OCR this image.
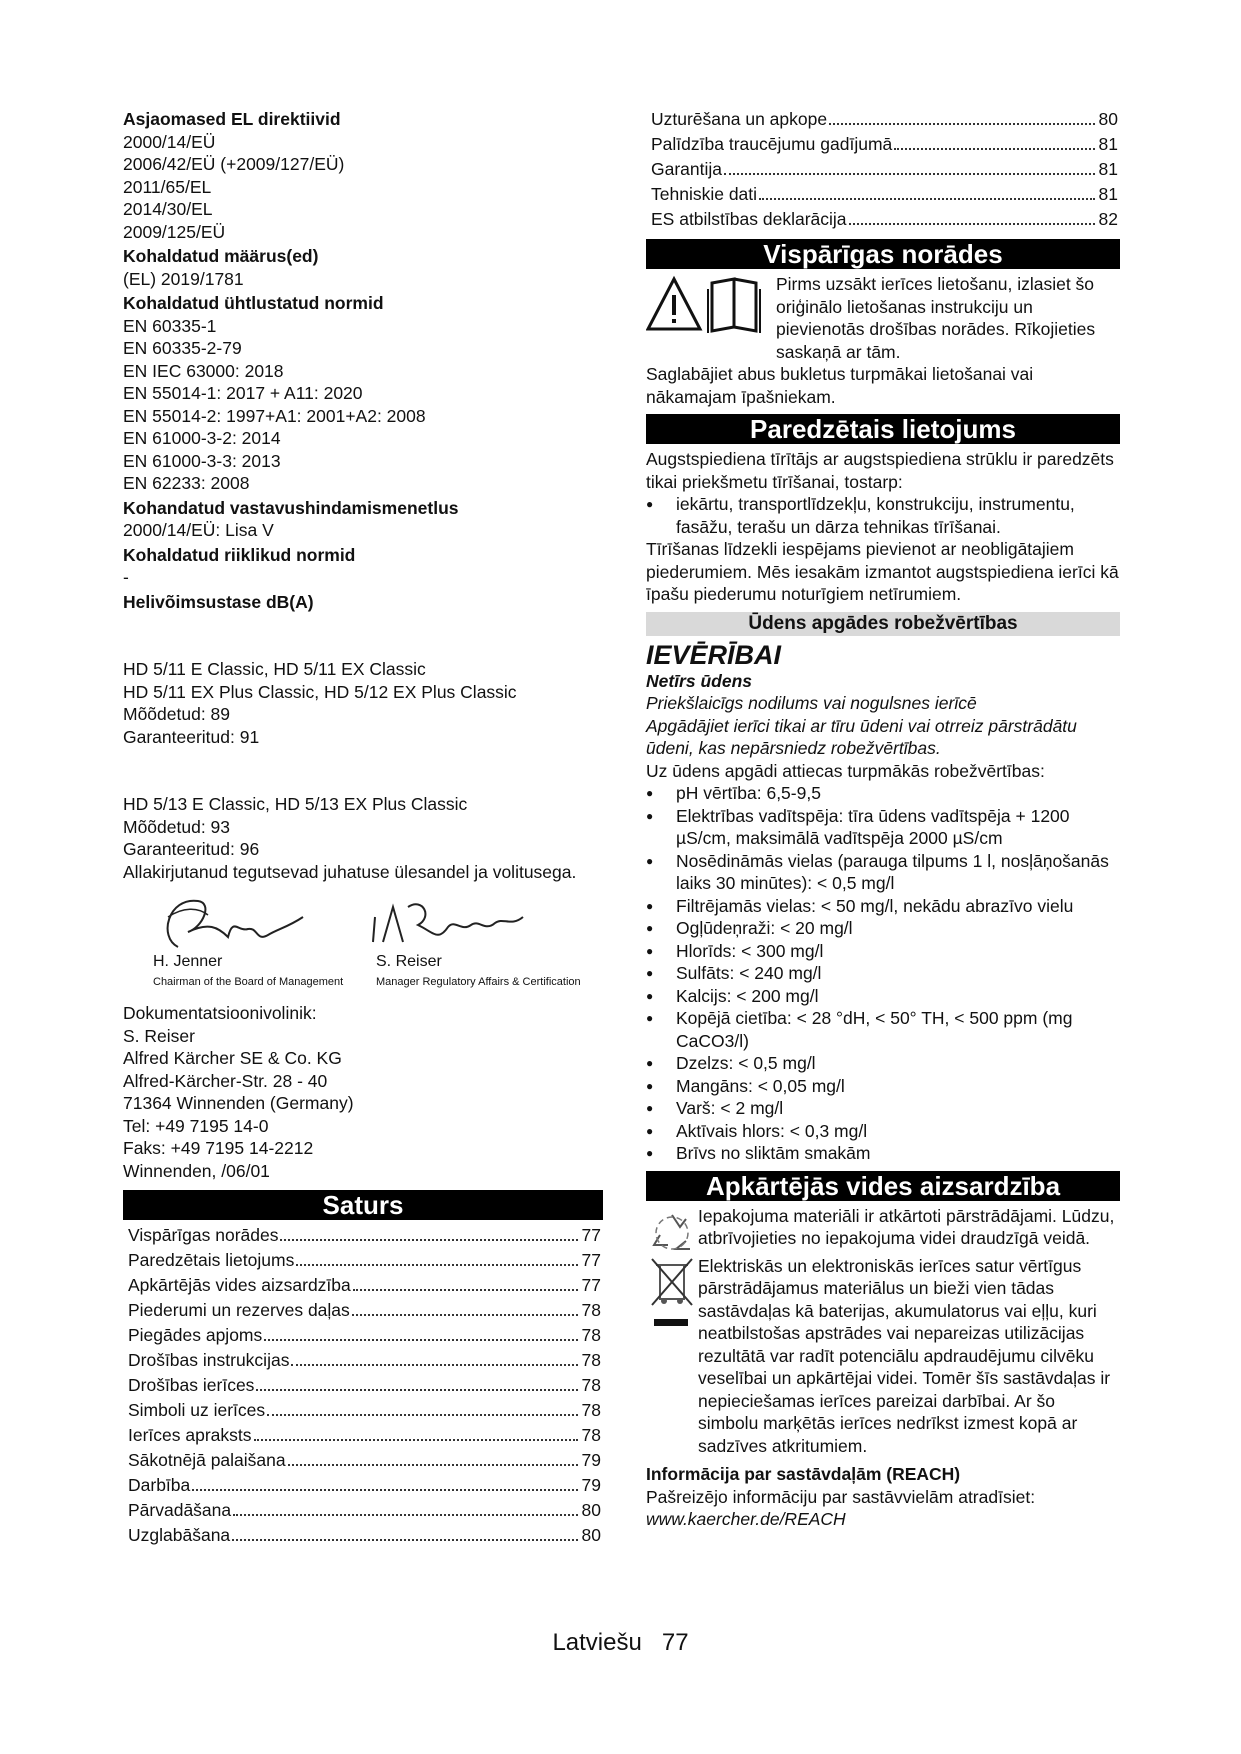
Asjaomased EL direktiivid
2000/14/EÜ
2006/42/EÜ (+2009/127/EÜ)
2011/65/EL
2014/30/EL
2009/125/EÜ
Kohaldatud määrus(ed)
(EL) 2019/1781
Kohaldatud ühtlustatud normid
EN 60335-1
EN 60335-2-79
EN IEC 63000: 2018
EN 55014-1: 2017 + A11: 2020
EN 55014-2: 1997+A1: 2001+A2: 2008
EN 61000-3-2: 2014
EN 61000-3-3: 2013
EN 62233: 2008
Kohandatud vastavushindamismenetlus
2000/14/EÜ: Lisa V
Kohaldatud riiklikud normid
-
Helivõimsustase dB(A)
HD 5/11 E Classic, HD 5/11 EX Classic
HD 5/11 EX Plus Classic, HD 5/12 EX Plus Classic
Mõõdetud: 89
Garanteeritud: 91
HD 5/13 E Classic, HD 5/13 EX Plus Classic
Mõõdetud: 93
Garanteeritud: 96
Allakirjutanud tegutsevad juhatuse ülesandel ja volitusega.
H. Jenner
Chairman of the Board of Management
S. Reiser
Manager Regulatory Affairs & Certification
Dokumentatsioonivolinik:
S. Reiser
Alfred Kärcher SE & Co. KG
Alfred-Kärcher-Str. 28 - 40
71364 Winnenden (Germany)
Tel: +49 7195 14-0
Faks: +49 7195 14-2212
Winnenden, /06/01
Saturs
Vispārīgas norādes	77
Paredzētais lietojums	77
Apkārtējās vides aizsardzība	77
Piederumi un rezerves daļas	78
Piegādes apjoms	78
Drošības instrukcijas	78
Drošības ierīces	78
Simboli uz ierīces	78
Ierīces apraksts	78
Sākotnējā palaišana	79
Darbība	79
Pārvadāšana	80
Uzglabāšana	80
Uzturēšana un apkope	80
Palīdzība traucējumu gadījumā	81
Garantija	81
Tehniskie dati	81
ES atbilstības deklarācija	82
Vispārīgas norādes
Pirms uzsākt ierīces lietošanu, izlasiet šo oriģinālo lietošanas instrukciju un pievienotās drošības norādes. Rīkojieties saskaņā ar tām.
Saglabājiet abus bukletus turpmākai lietošanai vai nākamajam īpašniekam.
Paredzētais lietojums
Augstspiediena tīrītājs ar augstspiediena strūklu ir paredzēts tikai priekšmetu tīrīšanai, tostarp:
● iekārtu, transportlīdzekļu, konstrukciju, instrumentu, fasāžu, terašu un dārza tehnikas tīrīšanai.
Tīrīšanas līdzekli iespējams pievienot ar neobligātajiem piederumiem. Mēs iesakām izmantot augstspiediena ierīci kā īpašu piederumu noturīgiem netīrumiem.
Ūdens apgādes robežvērtības
IEVĒRĪBAI
Netīrs ūdens
Priekšlaicīgs nodilums vai nogulsnes ierīcē
Apgādājiet ierīci tikai ar tīru ūdeni vai otrreiz pārstrādātu ūdeni, kas nepārsniedz robežvērtības.
Uz ūdens apgādi attiecas turpmākās robežvērtības:
● pH vērtība: 6,5-9,5
● Elektrības vadītspēja: tīra ūdens vadītspēja + 1200 µS/cm, maksimālā vadītspēja 2000 µS/cm
● Nosēdināmās vielas (parauga tilpums 1 l, nosļāņošanās laiks 30 minūtes): < 0,5 mg/l
● Filtrējamās vielas: < 50 mg/l, nekādu abrazīvo vielu
● Ogļūdeņraži: < 20 mg/l
● Hlorīds: < 300 mg/l
● Sulfāts: < 240 mg/l
● Kalcijs: < 200 mg/l
● Kopējā cietība: < 28 °dH, < 50° TH, < 500 ppm (mg CaCO3/l)
● Dzelzs: < 0,5 mg/l
● Mangāns: < 0,05 mg/l
● Varš: < 2 mg/l
● Aktīvais hlors: < 0,3 mg/l
● Brīvs no sliktām smakām
Apkārtējās vides aizsardzība
Iepakojuma materiāli ir atkārtoti pārstrādājami. Lūdzu, atbrīvojieties no iepakojuma videi draudzīgā veidā.
Elektriskās un elektroniskās ierīces satur vērtīgus pārstrādājamus materiālus un bieži vien tādas sastāvdaļas kā baterijas, akumulatorus vai eļļu, kuri neatbilstošas apstrādes vai nepareizas utilizācijas rezultātā var radīt potenciālu apdraudējumu cilvēku veselībai un apkārtējai videi. Tomēr šīs sastāvdaļas ir nepieciešamas ierīces pareizai darbībai. Ar šo simbolu marķētās ierīces nedrīkst izmest kopā ar sadzīves atkritumiem.
Informācija par sastāvdaļām (REACH)
Pašreizējo informāciju par sastāvvielām atradīsiet:
www.kaercher.de/REACH
Latviešu 77
